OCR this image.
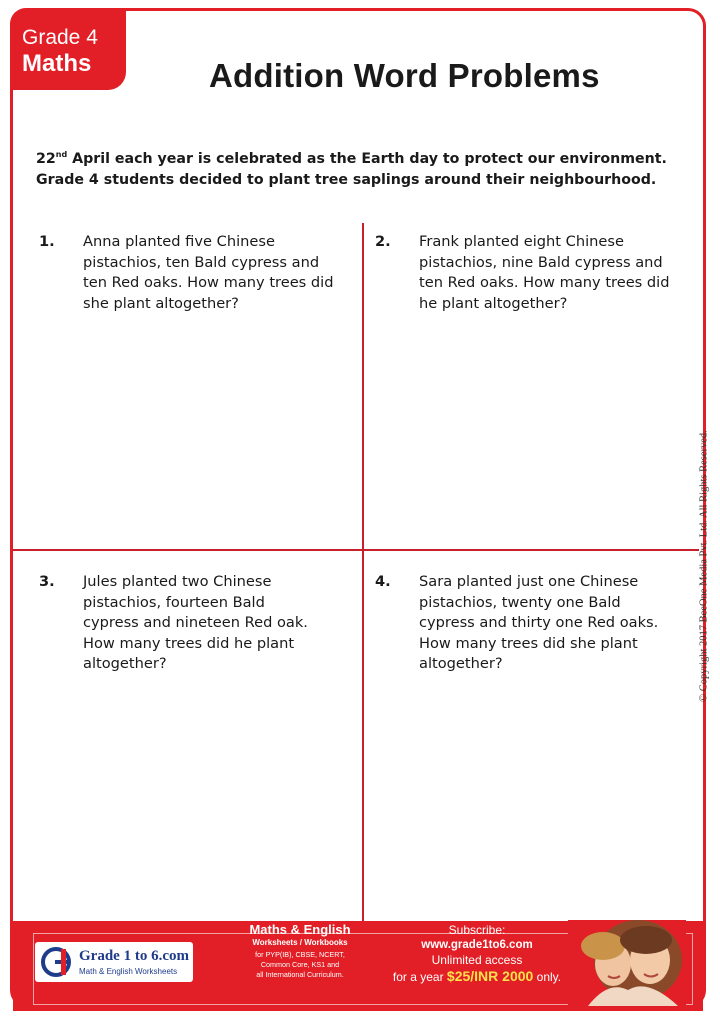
Grade 4
Maths	Addition Word Problems

22nd April each year is celebrated as the Earth day to protect our environment.
Grade 4 students decided to plant tree saplings around their neighbourhood.

1. Anna planted five Chinese
pistachios, ten Bald cypress and
ten Red oaks. How many trees did
she plant altogether?
2. Frank planted eight Chinese
pistachios, nine Bald cypress and
ten Red oaks. How many trees did
he plant altogether?
3. Jules planted two Chinese
pistachios, fourteen Bald
cypress and nineteen Red oak.
How many trees did he plant
altogether?
4. Sara planted just one Chinese
pistachios, twenty one Bald
cypress and thirty one Red oaks.
How many trees did she plant
altogether?	© Copyright 2017 BeeOne Media Pvt. Ltd. All Rights Reserved.
Grade 1 to 6.com
Math & English Worksheets
Maths & English
Worksheets / Workbooks
for PYP(IB), CBSE, NCERT,
Common Core, KS1 and
all International Curriculum.
Subscribe:
www.grade1to6.com
Unlimited access
for a year $25/INR 2000 only.
